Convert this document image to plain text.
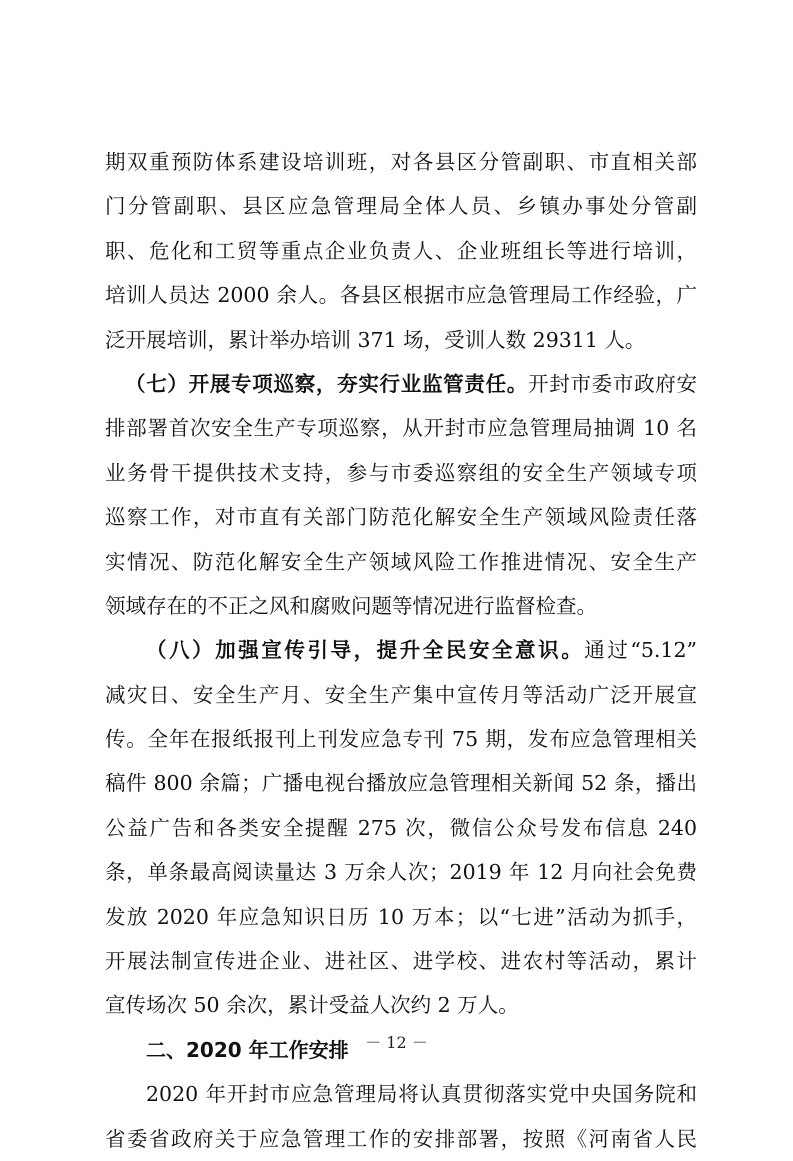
期双重预防体系建设培训班，对各县区分管副职、市直相关部
门分管副职、县区应急管理局全体人员、乡镇办事处分管副
职、危化和工贸等重点企业负责人、企业班组长等进行培训，
培训人员达 2000 余人。各县区根据市应急管理局工作经验，广
泛开展培训，累计举办培训 371 场，受训人数 29311 人。
（七）开展专项巡察，夯实行业监管责任。开封市委市政府安
排部署首次安全生产专项巡察，从开封市应急管理局抽调 10 名
业务骨干提供技术支持，参与市委巡察组的安全生产领域专项
巡察工作，对市直有关部门防范化解安全生产领域风险责任落
实情况、防范化解安全生产领域风险工作推进情况、安全生产
领域存在的不正之风和腐败问题等情况进行监督检查。
（八）加强宣传引导，提升全民安全意识。通过“5.12”
减灾日、安全生产月、安全生产集中宣传月等活动广泛开展宣
传。全年在报纸报刊上刊发应急专刊 75 期，发布应急管理相关
稿件 800 余篇；广播电视台播放应急管理相关新闻 52 条，播出
公益广告和各类安全提醒 275 次，微信公众号发布信息 240
条，单条最高阅读量达 3 万余人次；2019 年 12 月向社会免费
发放 2020 年应急知识日历 10 万本；以“七进”活动为抓手，
开展法制宣传进企业、进社区、进学校、进农村等活动，累计
宣传场次 50 余次，累计受益人次约 2 万人。
二、2020 年工作安排
2020 年开封市应急管理局将认真贯彻落实党中央国务院和
省委省政府关于应急管理工作的安排部署，按照《河南省人民
－ 12 －
